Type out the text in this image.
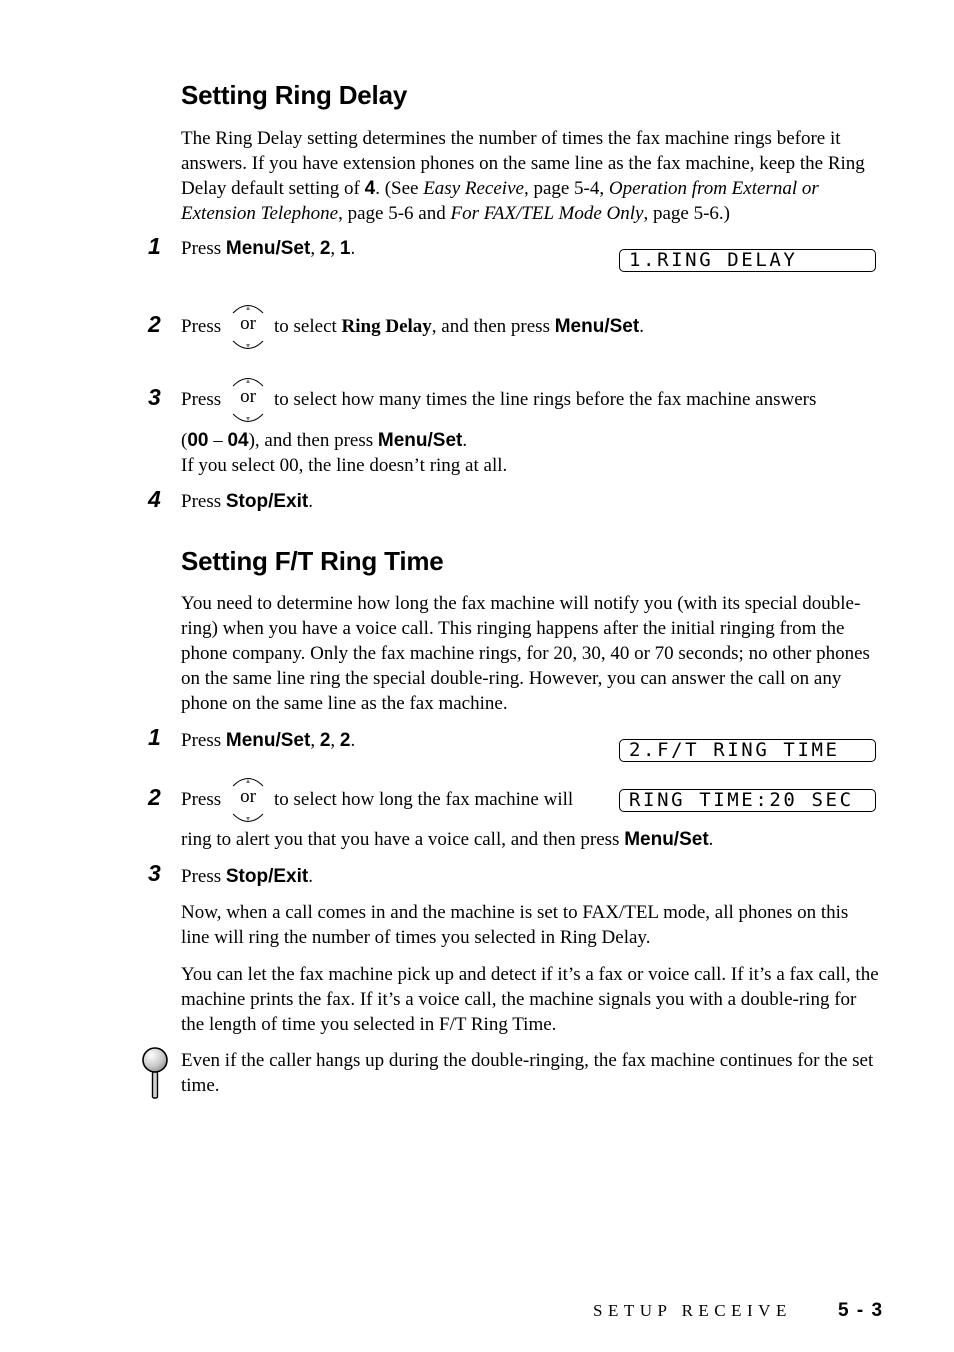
Setting Ring Delay

The Ring Delay setting determines the number of times the fax machine rings before it answers. If you have extension phones on the same line as the fax machine, keep the Ring Delay default setting of 4. (See Easy Receive, page 5-4, Operation from External or Extension Telephone, page 5-6 and For FAX/TEL Mode Only, page 5-6.)

1 Press Menu/Set, 2, 1.
1.RING DELAY
2 Press or to select Ring Delay, and then press Menu/Set.
3 Press or to select how many times the line rings before the fax machine answers
(00 – 04), and then press Menu/Set.
If you select 00, the line doesn’t ring at all.
4 Press Stop/Exit.
Setting F/T Ring Time

You need to determine how long the fax machine will notify you (with its special double-ring) when you have a voice call. This ringing happens after the initial ringing from the phone company. Only the fax machine rings, for 20, 30, 40 or 70 seconds; no other phones on the same line ring the special double-ring. However, you can answer the call on any phone on the same line as the fax machine.

1 Press Menu/Set, 2, 2.	2.F/T RING TIME
2 Press or to select how long the fax machine will	RING TIME:20 SEC
ring to alert you that you have a voice call, and then press Menu/Set.
3 Press Stop/Exit.

Now, when a call comes in and the machine is set to FAX/TEL mode, all phones on this line will ring the number of times you selected in Ring Delay.

You can let the fax machine pick up and detect if it’s a fax or voice call. If it’s a fax call, the machine prints the fax. If it’s a voice call, the machine signals you with a double-ring for the length of time you selected in F/T Ring Time.

Even if the caller hangs up during the double-ringing, the fax machine continues for the set time.

SETUP RECEIVE 5 - 3
